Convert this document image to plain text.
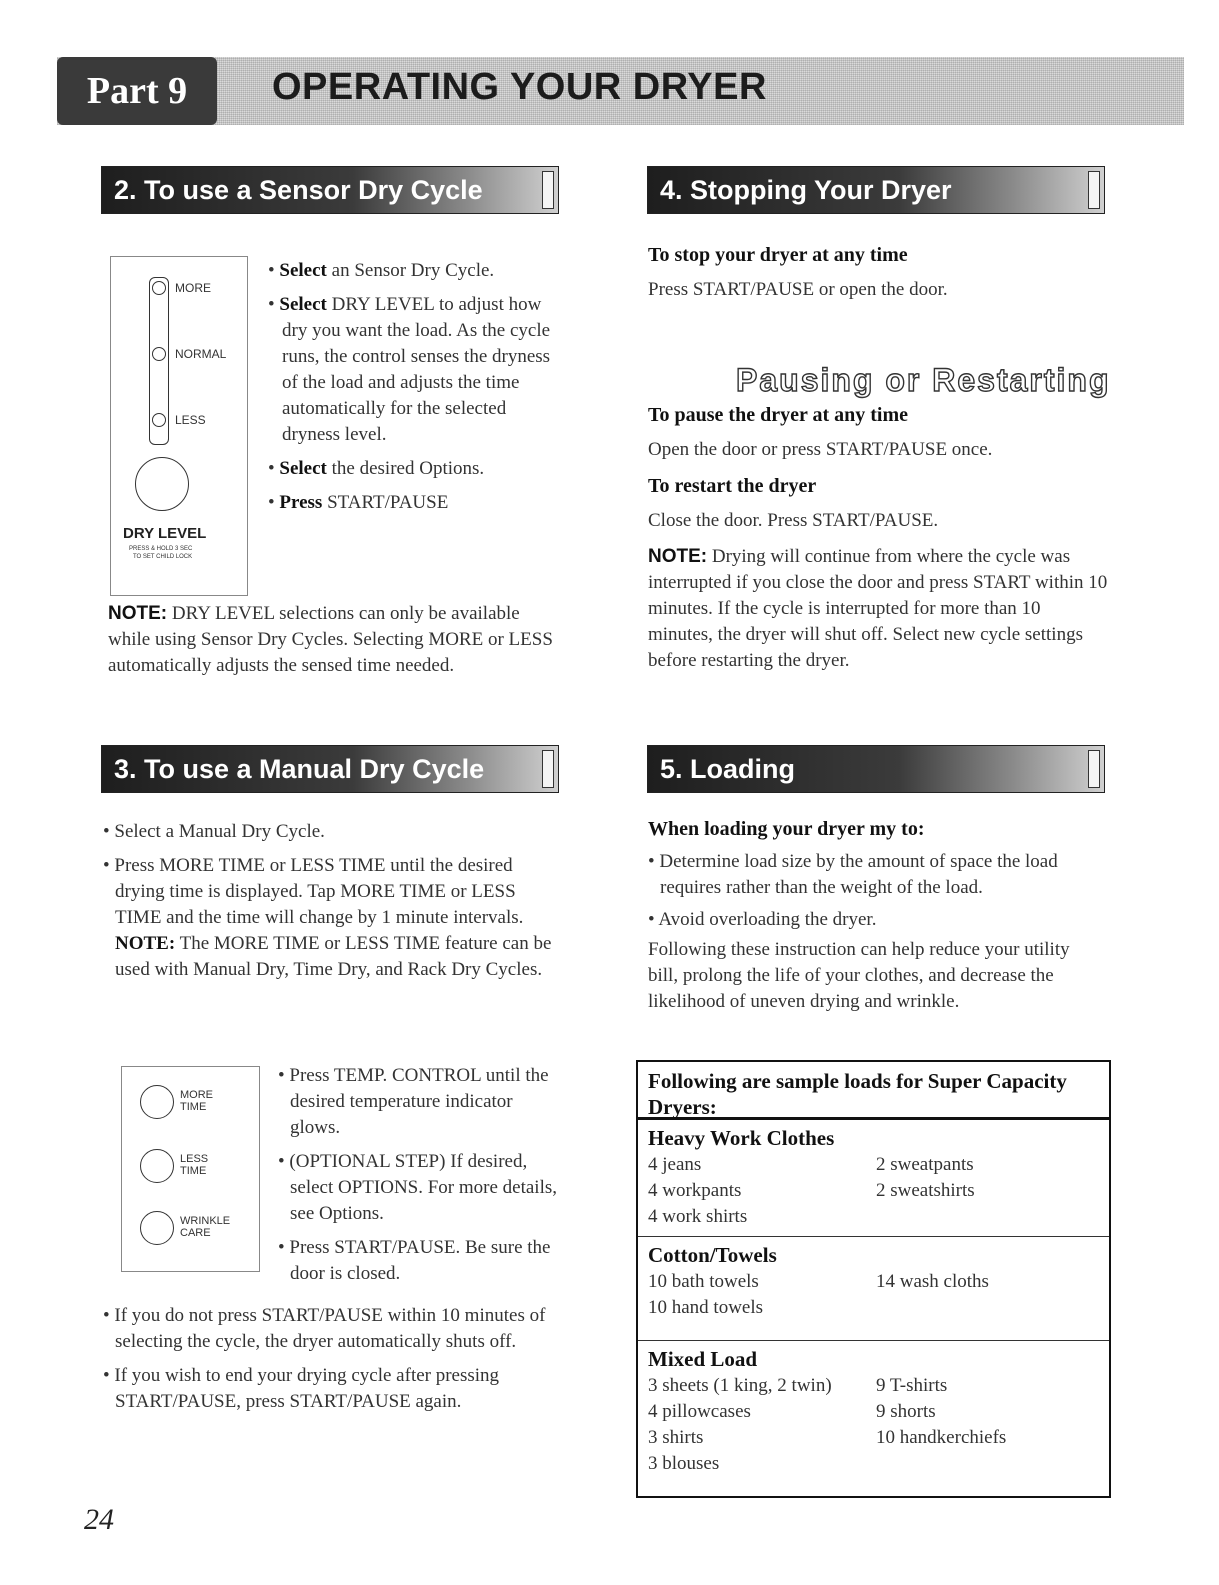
Part 9	OPERATING YOUR DRYER
2. To use a Sensor Dry Cycle
MORE
NORMAL
LESS
DRY LEVEL
PRESS & HOLD 3 SEC
TO SET CHILD LOCK

• Select an Sensor Dry Cycle.

• Select DRY LEVEL to adjust how dry you want the load. As the cycle runs, the control senses the dryness of the load and adjusts the time automatically for the selected dryness level.

• Select the desired Options.

• Press START/PAUSE

NOTE: DRY LEVEL selections can only be available while using Sensor Dry Cycles. Selecting MORE or LESS automatically adjusts the sensed time needed.

3. To use a Manual Dry Cycle

• Select a Manual Dry Cycle.

• Press MORE TIME or LESS TIME until the desired drying time is displayed. Tap MORE TIME or LESS TIME and the time will change by 1 minute intervals.

NOTE: The MORE TIME or LESS TIME feature can be used with Manual Dry, Time Dry, and Rack Dry Cycles.

MORE
TIME
LESS
TIME
WRINKLE
CARE

• Press TEMP. CONTROL until the desired temperature indicator glows.

• (OPTIONAL STEP) If desired, select OPTIONS. For more details, see Options.

• Press START/PAUSE. Be sure the door is closed.

• If you do not press START/PAUSE within 10 minutes of selecting the cycle, the dryer automatically shuts off.

• If you wish to end your drying cycle after pressing START/PAUSE, press START/PAUSE again.

4. Stopping Your Dryer

To stop your dryer at any time

Press START/PAUSE or open the door.

Pausing or Restarting

To pause the dryer at any time

Open the door or press START/PAUSE once.

To restart the dryer

Close the door. Press START/PAUSE.

NOTE: Drying will continue from where the cycle was interrupted if you close the door and press START within 10 minutes. If the cycle is interrupted for more than 10 minutes, the dryer will shut off. Select new cycle settings before restarting the dryer.

5. Loading

When loading your dryer my to:

• Determine load size by the amount of space the load requires rather than the weight of the load.

• Avoid overloading the dryer.

Following these instruction can help reduce your utility bill, prolong the life of your clothes, and decrease the likelihood of uneven drying and wrinkle.

Following are sample loads for Super Capacity Dryers:

Heavy Work Clothes

4 jeans
4 workpants
4 work shirts
2 sweatpants
2 sweatshirts

Cotton/Towels

10 bath towels
10 hand towels
14 wash cloths

Mixed Load

3 sheets (1 king, 2 twin)
4 pillowcases
3 shirts
3 blouses
9 T-shirts
9 shorts
10 handkerchiefs
24
